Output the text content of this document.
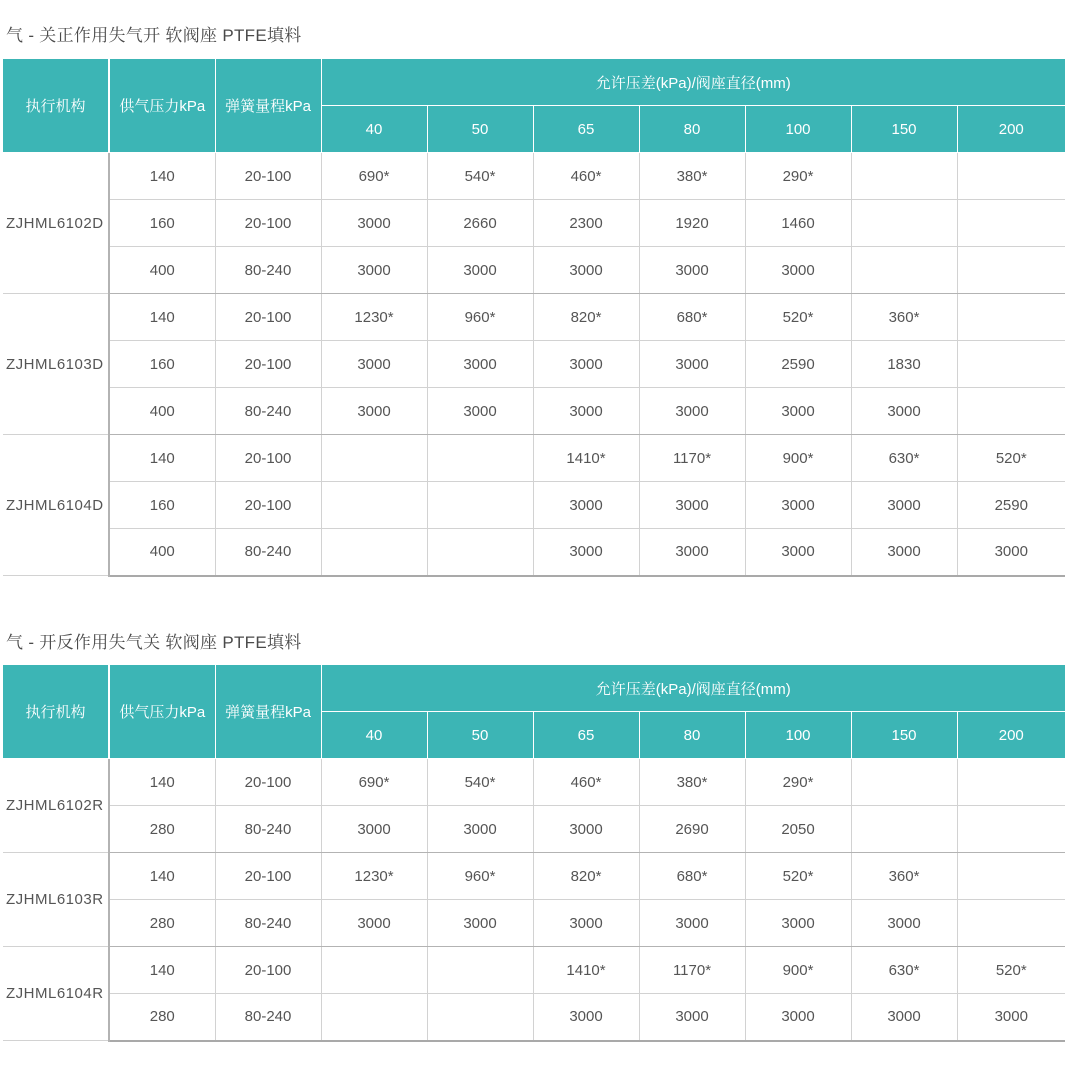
气 - 关正作用失气开 软阀座 PTFE填料
执行机构	供气压力kPa	弹簧量程kPa	允许压差(kPa)/阀座直径(mm)						
			40	50	65	80	100	150	200
ZJHML6102D	140	20-100	690*	540*	460*	380*	290*		
	160	20-100	3000	2660	2300	1920	1460		
	400	80-240	3000	3000	3000	3000	3000		
ZJHML6103D	140	20-100	1230*	960*	820*	680*	520*	360*	
	160	20-100	3000	3000	3000	3000	2590	1830	
	400	80-240	3000	3000	3000	3000	3000	3000	
ZJHML6104D	140	20-100			1410*	1170*	900*	630*	520*
	160	20-100			3000	3000	3000	3000	2590
	400	80-240			3000	3000	3000	3000	3000
气 - 开反作用失气关 软阀座 PTFE填料
执行机构	供气压力kPa	弹簧量程kPa	允许压差(kPa)/阀座直径(mm)						
			40	50	65	80	100	150	200
ZJHML6102R	140	20-100	690*	540*	460*	380*	290*		
	280	80-240	3000	3000	3000	2690	2050		
ZJHML6103R	140	20-100	1230*	960*	820*	680*	520*	360*	
	280	80-240	3000	3000	3000	3000	3000	3000	
ZJHML6104R	140	20-100			1410*	1170*	900*	630*	520*
	280	80-240			3000	3000	3000	3000	3000
